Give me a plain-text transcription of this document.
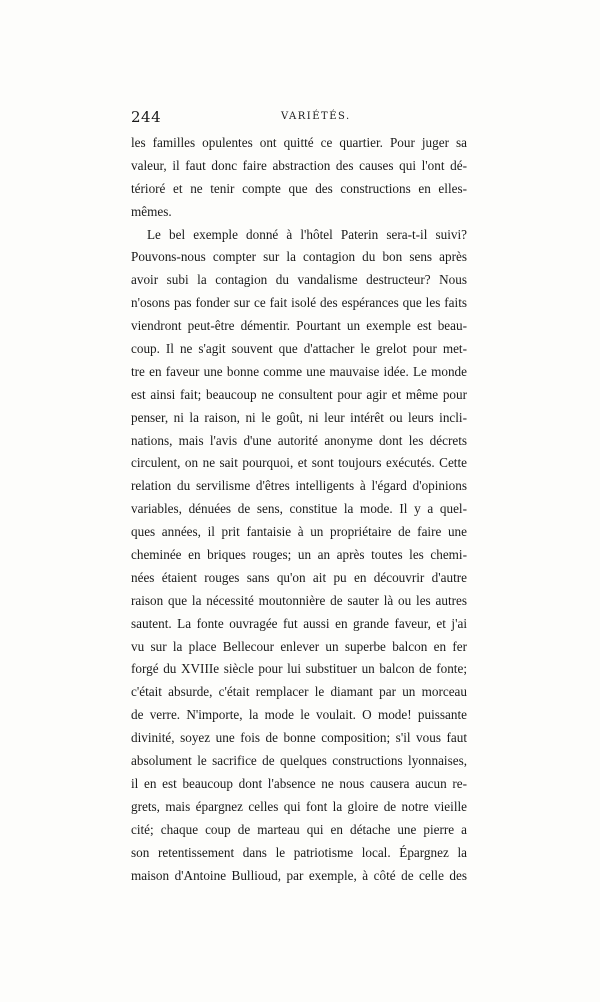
244	VARIÉTÉS.
les familles opulentes ont quitté ce quartier. Pour juger sa
valeur, il faut donc faire abstraction des causes qui l'ont dé-
térioré et ne tenir compte que des constructions en elles-
mêmes.
Le bel exemple donné à l'hôtel Paterin sera-t-il suivi?
Pouvons-nous compter sur la contagion du bon sens après
avoir subi la contagion du vandalisme destructeur? Nous
n'osons pas fonder sur ce fait isolé des espérances que les faits
viendront peut-être démentir. Pourtant un exemple est beau-
coup. Il ne s'agit souvent que d'attacher le grelot pour met-
tre en faveur une bonne comme une mauvaise idée. Le monde
est ainsi fait; beaucoup ne consultent pour agir et même pour
penser, ni la raison, ni le goût, ni leur intérêt ou leurs incli-
nations, mais l'avis d'une autorité anonyme dont les décrets
circulent, on ne sait pourquoi, et sont toujours exécutés. Cette
relation du servilisme d'êtres intelligents à l'égard d'opinions
variables, dénuées de sens, constitue la mode. Il y a quel-
ques années, il prit fantaisie à un propriétaire de faire une
cheminée en briques rouges; un an après toutes les chemi-
nées étaient rouges sans qu'on ait pu en découvrir d'autre
raison que la nécessité moutonnière de sauter là ou les autres
sautent. La fonte ouvragée fut aussi en grande faveur, et j'ai
vu sur la place Bellecour enlever un superbe balcon en fer
forgé du XVIIIe siècle pour lui substituer un balcon de fonte;
c'était absurde, c'était remplacer le diamant par un morceau
de verre. N'importe, la mode le voulait. O mode! puissante
divinité, soyez une fois de bonne composition; s'il vous faut
absolument le sacrifice de quelques constructions lyonnaises,
il en est beaucoup dont l'absence ne nous causera aucun re-
grets, mais épargnez celles qui font la gloire de notre vieille
cité; chaque coup de marteau qui en détache une pierre a
son retentissement dans le patriotisme local. Épargnez la
maison d'Antoine Bullioud, par exemple, à côté de celle des
